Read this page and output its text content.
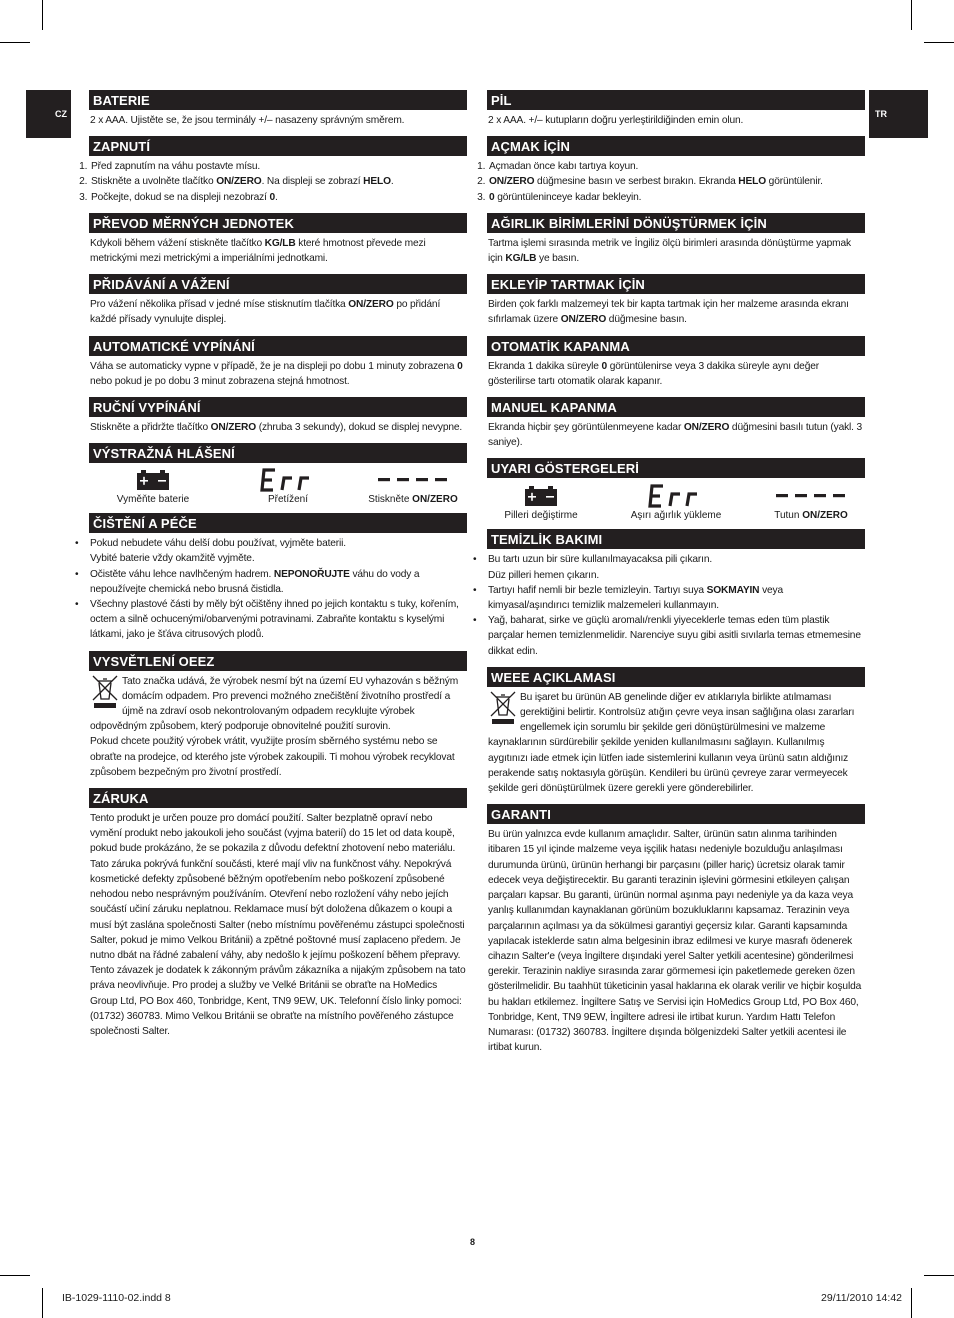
CZ	TR
BATERIE
2 x AAA. Ujistěte se, že jsou terminály +/– nasazeny správným směrem.
ZAPNUTÍ
1. Před zapnutím na váhu postavte mísu.
2. Stiskněte a uvolněte tlačítko ON/ZERO. Na displeji se zobrazí HELO.
3. Počkejte, dokud se na displeji nezobrazí 0.
PŘEVOD MĚRNÝCH JEDNOTEK
Kdykoli během vážení stiskněte tlačítko KG/LB které hmotnost převede mezi metrickými mezi metrickými a imperiálními jednotkami.
PŘIDÁVÁNÍ A VÁŽENÍ
Pro vážení několika přísad v jedné míse stisknutím tlačítka ON/ZERO po přidání každé přísady vynulujte displej.
AUTOMATICKÉ VYPÍNÁNÍ
Váha se automaticky vypne v případě, že je na displeji po dobu 1 minuty zobrazena 0 nebo pokud je po dobu 3 minut zobrazena stejná hmotnost.
RUČNÍ VYPÍNÁNÍ
Stiskněte a přidržte tlačítko ON/ZERO (zhruba 3 sekundy), dokud se displej nevypne.
VÝSTRAŽNÁ HLÁŠENÍ
Vyměňte baterie	Přetížení	Stiskněte ON/ZERO
ČIŠTĚNÍ A PÉČE
• Pokud nebudete váhu delší dobu používat, vyjměte baterii.
Vybité baterie vždy okamžitě vyjměte.
• Očistěte váhu lehce navlhčeným hadrem. NEPONOŘUJTE váhu do vody a nepoužívejte chemická nebo brusná čistidla.
• Všechny plastové části by měly být očištěny ihned po jejich kontaktu s tuky, kořením, octem a silně ochucenými/obarvenými potravinami. Zabraňte kontaktu s kyselými látkami, jako je šťáva citrusových plodů.
VYSVĚTLENÍ OEEZ
Tato značka udává, že výrobek nesmí být na území EU vyhazován s běžným domácím odpadem. Pro prevenci možného znečištění životního prostředí a újmě na zdraví osob nekontrolovaným odpadem recyklujte výrobek odpovědným způsobem, který podporuje obnovitelné použití surovin.
Pokud chcete použitý výrobek vrátit, využijte prosím sběrného systému nebo se obraťte na prodejce, od kterého jste výrobek zakoupili. Ti mohou výrobek recyklovat způsobem bezpečným pro životní prostředí.
ZÁRUKA
Tento produkt je určen pouze pro domácí použití. Salter bezplatně opraví nebo vymění produkt nebo jakoukoli jeho součást (vyjma baterií) do 15 let od data koupě, pokud bude prokázáno, že se pokazila z důvodu defektní zhotovení nebo materiálu. Tato záruka pokrývá funkční součásti, které mají vliv na funkčnost váhy. Nepokrývá kosmetické defekty způsobené běžným opotřebením nebo poškození způsobené nehodou nebo nesprávným používáním. Otevření nebo rozložení váhy nebo jejích součástí učiní záruku neplatnou. Reklamace musí být doložena důkazem o koupi a musí být zaslána společnosti Salter (nebo místnímu pověřenému zástupci společnosti Salter, pokud je mimo Velkou Británii) a zpětné poštovné musí zaplaceno předem. Je nutno dbát na řádné zabalení váhy, aby nedošlo k jejímu poškození během přepravy. Tento závazek je dodatek k zákonným právům zákazníka a nijakým způsobem na tato práva neovlivňuje. Pro prodej a služby ve Velké Británii se obraťte na HoMedics Group Ltd, PO Box 460, Tonbridge, Kent, TN9 9EW, UK. Telefonní číslo linky pomoci: (01732) 360783. Mimo Velkou Británii se obraťte na místního pověřeného zástupce společnosti Salter.
PİL
2 x AAA. +/– kutupların doğru yerleştirildiğinden emin olun.
AÇMAK İÇİN
1. Açmadan önce kabı tartıya koyun.
2. ON/ZERO düğmesine basın ve serbest bırakın. Ekranda HELO görüntülenir.
3. 0 görüntüleninceye kadar bekleyin.
AĞIRLIK BİRİMLERİNİ DÖNÜŞTÜRMEK İÇİN
Tartma işlemi sırasında metrik ve İngiliz ölçü birimleri arasında dönüştürme yapmak için KG/LB ye basın.
EKLEYİP TARTMAK İÇİN
Birden çok farklı malzemeyi tek bir kapta tartmak için her malzeme arasında ekranı sıfırlamak üzere ON/ZERO düğmesine basın.
OTOMATİK KAPANMA
Ekranda 1 dakika süreyle 0 görüntülenirse veya 3 dakika süreyle aynı değer gösterilirse tartı otomatik olarak kapanır.
MANUEL KAPANMA
Ekranda hiçbir şey görüntülenmeyene kadar ON/ZERO düğmesini basılı tutun (yakl. 3 saniye).
UYARI GÖSTERGELERİ
Pilleri değiştirme	Aşırı ağırlık yükleme	Tutun ON/ZERO
TEMİZLİK BAKIMI
• Bu tartı uzun bir süre kullanılmayacaksa pili çıkarın.
Düz pilleri hemen çıkarın.
• Tartıyı hafif nemli bir bezle temizleyin. Tartıyı suya SOKMAYIN veya kimyasal/aşındırıcı temizlik malzemeleri kullanmayın.
• Yağ, baharat, sirke ve güçlü aromalı/renkli yiyeceklerle temas eden tüm plastik parçalar hemen temizlenmelidir. Narenciye suyu gibi asitli sıvılarla temas etmemesine dikkat edin.
WEEE AÇIKLAMASI
Bu işaret bu ürünün AB genelinde diğer ev atıklarıyla birlikte atılmaması gerektiğini belirtir. Kontrolsüz atığın çevre veya insan sağlığına olası zararları engellemek için sorumlu bir şekilde geri dönüştürülmesini ve malzeme kaynaklarının sürdürebilir şekilde yeniden kullanılmasını sağlayın. Kullanılmış aygıtınızı iade etmek için lütfen iade sistemlerini kullanın veya ürünü satın aldığınız perakende satış noktasıyla görüşün. Kendileri bu ürünü çevreye zarar vermeyecek şekilde geri dönüştürülmek üzere gerekli yere gönderebilirler.
GARANTI
Bu ürün yalnızca evde kullanım amaçlıdır. Salter, ürünün satın alınma tarihinden itibaren 15 yıl içinde malzeme veya işçilik hatası nedeniyle bozulduğu anlaşılması durumunda ürünü, ürünün herhangi bir parçasını (piller hariç) ücretsiz olarak tamir edecek veya değiştirecektir. Bu garanti terazinin işlevini görmesini etkileyen çalışan parçaları kapsar. Bu garanti, ürünün normal aşınma payı nedeniyle ya da kaza veya yanlış kullanımdan kaynaklanan görünüm bozukluklarını kapsamaz. Terazinin veya parçalarının açılması ya da sökülmesi garantiyi geçersiz kılar. Garanti kapsamında yapılacak isteklerde satın alma belgesinin ibraz edilmesi ve kurye masrafı ödenerek cihazın Salter'e (veya İngiltere dışındaki yerel Salter yetkili acentesine) gönderilmesi gerekir. Terazinin nakliye sırasında zarar görmemesi için paketlemede gereken özen gösterilmelidir. Bu taahhüt tüketicinin yasal haklarına ek olarak verilir ve hiçbir koşulda bu hakları etkilemez. İngiltere Satış ve Servisi için HoMedics Group Ltd, PO Box 460, Tonbridge, Kent, TN9 9EW, İngiltere adresi ile irtibat kurun. Yardım Hattı Telefon Numarası: (01732) 360783. İngiltere dışında bölgenizdeki Salter yetkili acentesi ile irtibat kurun.
8
IB-1029-1110-02.indd 8	29/11/2010 14:42
